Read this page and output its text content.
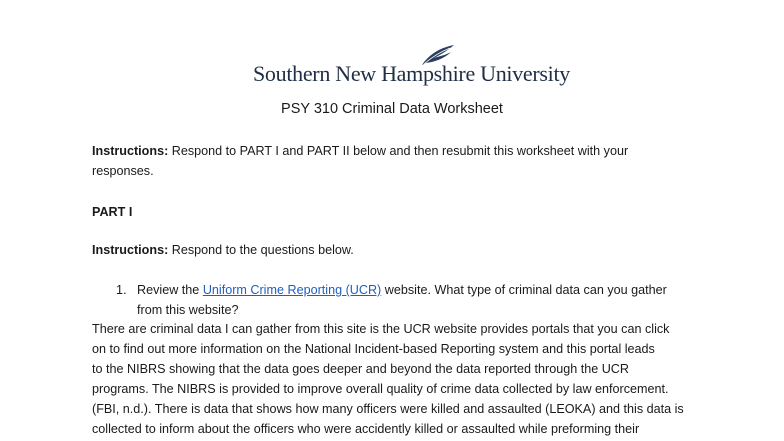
Southern New Hampshire University
PSY 310 Criminal Data Worksheet
Instructions: Respond to PART I and PART II below and then resubmit this worksheet with your
responses.
PART I
Instructions: Respond to the questions below.
1. Review the Uniform Crime Reporting (UCR) website. What type of criminal data can you gather
from this website?
There are criminal data I can gather from this site is the UCR website provides portals that you can click
on to find out more information on the National Incident-based Reporting system and this portal leads
to the NIBRS showing that the data goes deeper and beyond the data reported through the UCR
programs. The NIBRS is provided to improve overall quality of crime data collected by law enforcement.
(FBI, n.d.). There is data that shows how many officers were killed and assaulted (LEOKA) and this data is
collected to inform about the officers who were accidently killed or assaulted while preforming their
